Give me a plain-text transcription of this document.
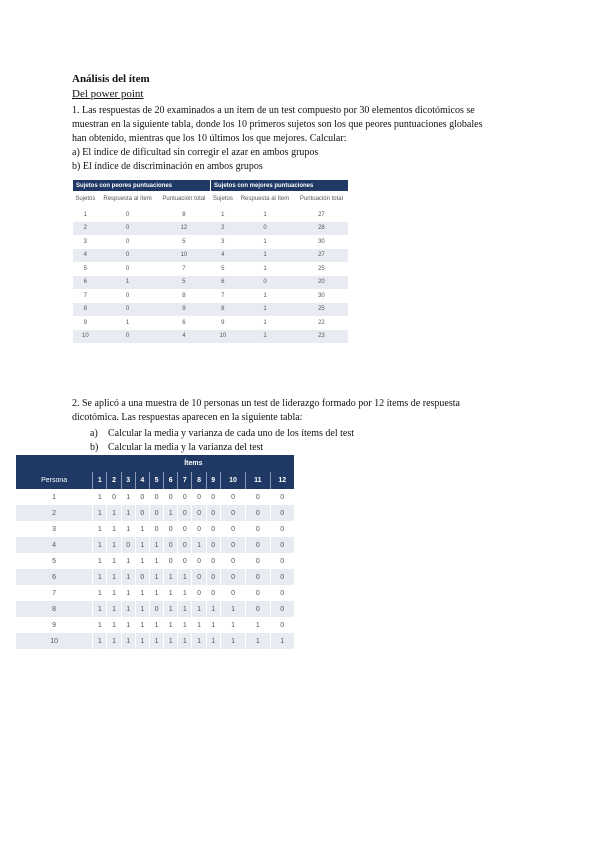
Análisis del ítem
Del power point
1. Las respuestas de 20 examinados a un ítem de un test compuesto por 30 elementos dicotómicos se
muestran en la siguiente tabla, donde los 10 primeros sujetos son los que peores puntuaciones globales
han obtenido, mientras que los 10 últimos los que mejores. Calcular:
a) El índice de dificultad sin corregir el azar en ambos grupos
b) El índice de discriminación en ambos grupos
Sujetos con peores puntuaciones			Sujetos con mejores puntuaciones		
Sujetos	Respuesta al ítem	Puntuación total	Sujetos	Respuesta al ítem	Puntuación total
1	0	8	1	1	27
2	0	12	2	0	28
3	0	5	3	1	30
4	0	10	4	1	27
5	0	7	5	1	25
6	1	5	6	0	20
7	0	8	7	1	30
8	0	9	8	1	25
9	1	6	9	1	22
10	0	4	10	1	23
2. Se aplicó a una muestra de 10 personas un test de liderazgo formado por 12 ítems de respuesta
dicotómica. Las respuestas aparecen en la siguiente tabla:
a)	Calcular la media y varianza de cada uno de los ítems del test
b) Calcular la media y la varianza del test
	Ítems											
Persona	1	2	3	4	5	6	7	8	9	10	11	12
1	1	0	1	0	0	0	0	0	0	0	0	0
2	1	1	1	0	0	1	0	0	0	0	0	0
3	1	1	1	1	0	0	0	0	0	0	0	0
4	1	1	0	1	1	0	0	1	0	0	0	0
5	1	1	1	1	1	0	0	0	0	0	0	0
6	1	1	1	0	1	1	1	0	0	0	0	0
7	1	1	1	1	1	1	1	0	0	0	0	0
8	1	1	1	1	0	1	1	1	1	1	0	0
9	1	1	1	1	1	1	1	1	1	1	1	0
10	1	1	1	1	1	1	1	1	1	1	1	1
